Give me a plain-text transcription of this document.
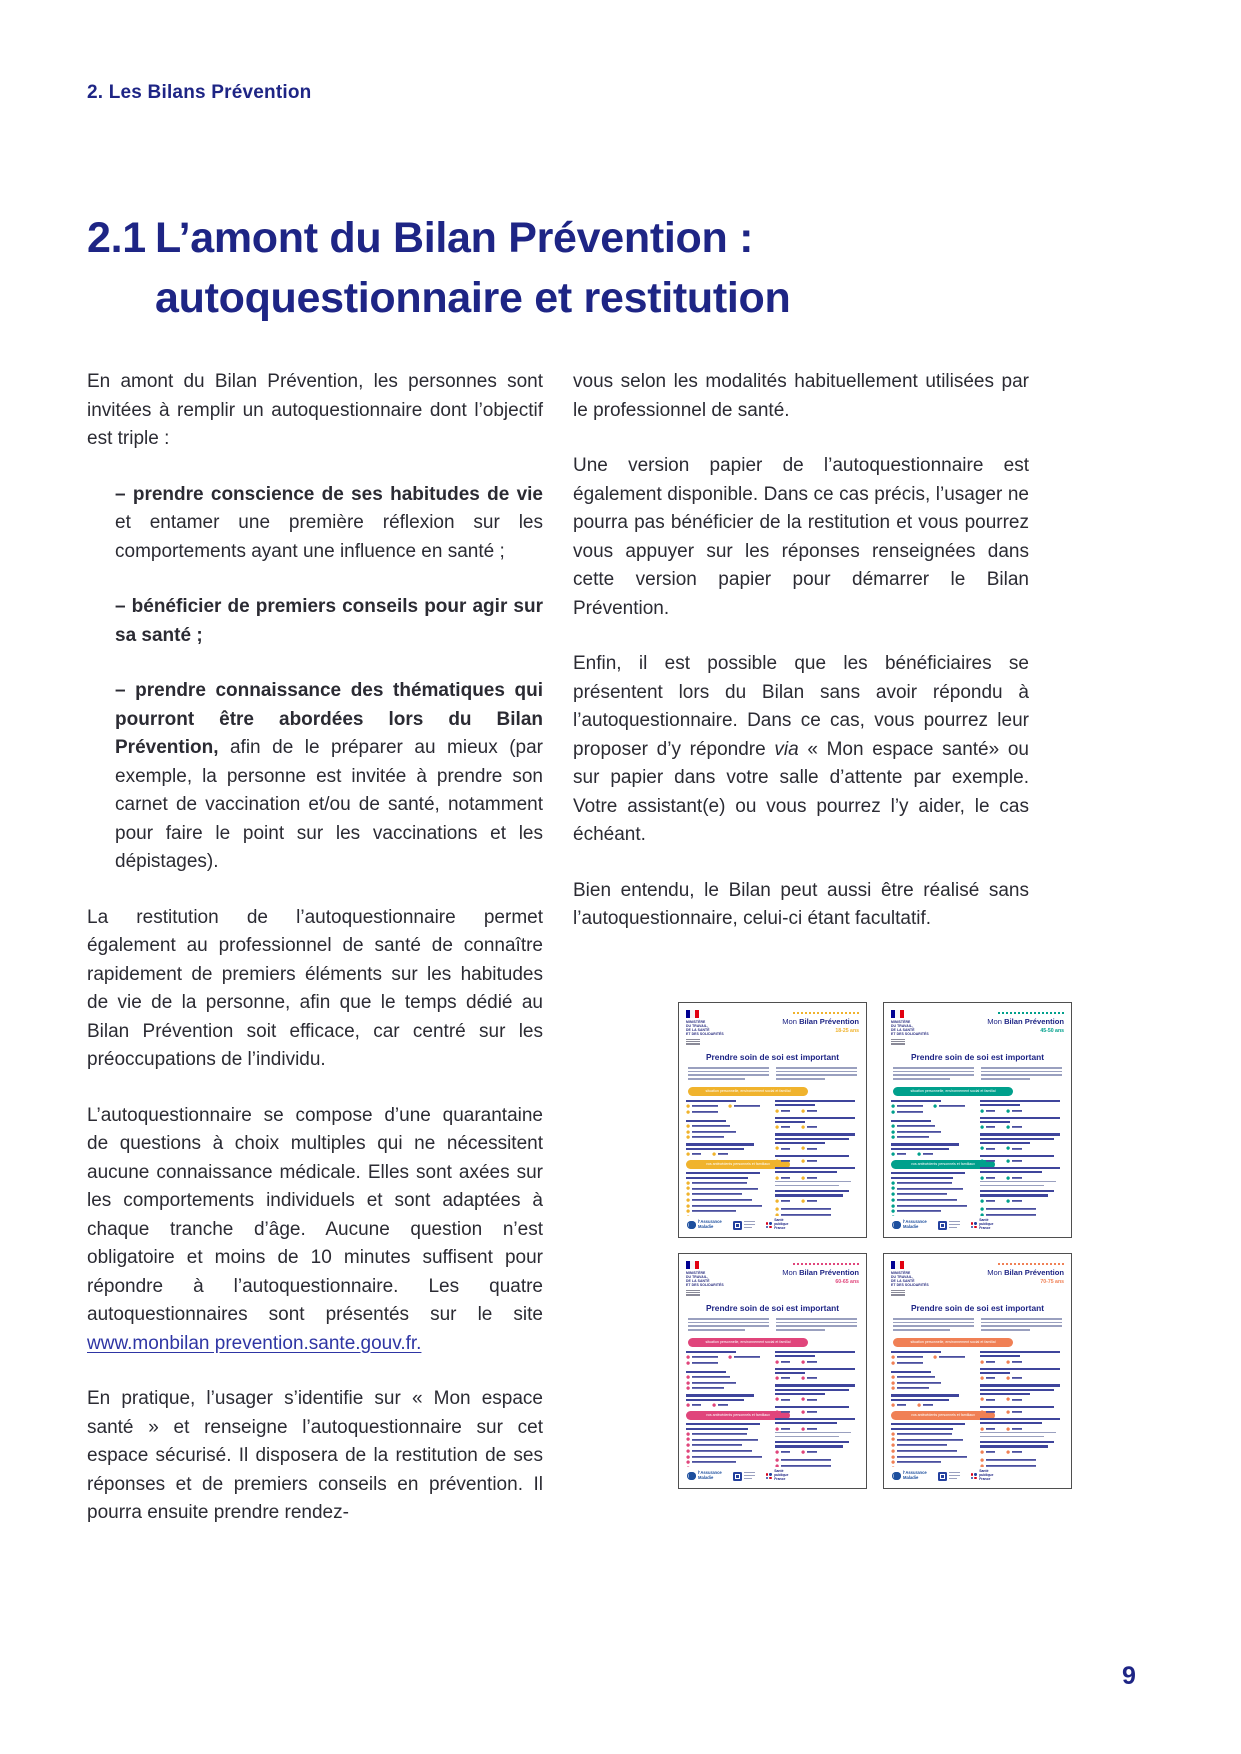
2. Les Bilans Prévention
2.1 L’amont du Bilan Prévention :
autoquestionnaire et restitution

En amont du Bilan Prévention, les personnes sont invitées à remplir un autoquestionnaire dont l’objectif est triple :

– prendre conscience de ses habitudes de vie et entamer une première réflexion sur les comportements ayant une influence en santé ;

– bénéficier de premiers conseils pour agir sur sa santé ;

– prendre connaissance des thématiques qui pourront être abordées lors du Bilan Prévention, afin de le préparer au mieux (par exemple, la personne est invitée à prendre son carnet de vaccination et/ou de santé, notamment pour faire le point sur les vaccinations et les dépistages).

La restitution de l’autoquestionnaire permet également au professionnel de santé de connaître rapidement de premiers éléments sur les habitudes de vie de la personne, afin que le temps dédié au Bilan Prévention soit efficace, car centré sur les préoccupations de l’individu.

L’autoquestionnaire se compose d’une quarantaine de questions à choix multiples qui ne nécessitent aucune connaissance médicale. Elles sont axées sur les comportements individuels et sont adaptées à chaque tranche d’âge. Aucune question n’est obligatoire et moins de 10 minutes suffisent pour répondre à l’autoquestionnaire. Les quatre autoquestionnaires sont présentés sur le site www.monbilan prevention.sante.gouv.fr.

En pratique, l’usager s’identifie sur « Mon espace santé » et renseigne l’autoquestionnaire sur cet espace sécurisé. Il disposera de la restitution de ses réponses et de premiers conseils en prévention. Il pourra ensuite prendre rendez-

vous selon les modalités habituellement utilisées par le professionnel de santé.

Une version papier de l’autoquestionnaire est également disponible. Dans ce cas précis, l’usager ne pourra pas bénéficier de la restitution et vous pourrez vous appuyer sur les réponses renseignées dans cette version papier pour démarrer le Bilan Prévention.

Enfin, il est possible que les bénéficiaires se présentent lors du Bilan sans avoir répondu à l’autoquestionnaire. Dans ce cas, vous pourrez leur proposer d’y répondre via « Mon espace santé» ou sur papier dans votre salle d’attente par exemple. Votre assistant(e) ou vous pourrez l’y aider, le cas échéant.

Bien entendu, le Bilan peut aussi être réalisé sans l’autoquestionnaire, celui-ci étant facultatif.

MINISTÈRE
DU TRAVAIL,
DE LA SANTÉ
ET DES SOLIDARITÉS
Mon Bilan Prévention
18-25 ans
Prendre soin de soi est important
situation personnelle, environnement social et familial
vos antécédents personnels et familiaux
l’Assurance
Maladie
Santé
publique
France
MINISTÈRE
DU TRAVAIL,
DE LA SANTÉ
ET DES SOLIDARITÉS
Mon Bilan Prévention
45-50 ans
Prendre soin de soi est important
situation personnelle, environnement social et familial
vos antécédents personnels et familiaux
l’Assurance
Maladie
Santé
publique
France
MINISTÈRE
DU TRAVAIL,
DE LA SANTÉ
ET DES SOLIDARITÉS
Mon Bilan Prévention
60-65 ans
Prendre soin de soi est important
situation personnelle, environnement social et familial
vos antécédents personnels et familiaux
l’Assurance
Maladie
Santé
publique
France
MINISTÈRE
DU TRAVAIL,
DE LA SANTÉ
ET DES SOLIDARITÉS
Mon Bilan Prévention
70-75 ans
Prendre soin de soi est important
situation personnelle, environnement social et familial
vos antécédents personnels et familiaux
l’Assurance
Maladie
Santé
publique
France
9
